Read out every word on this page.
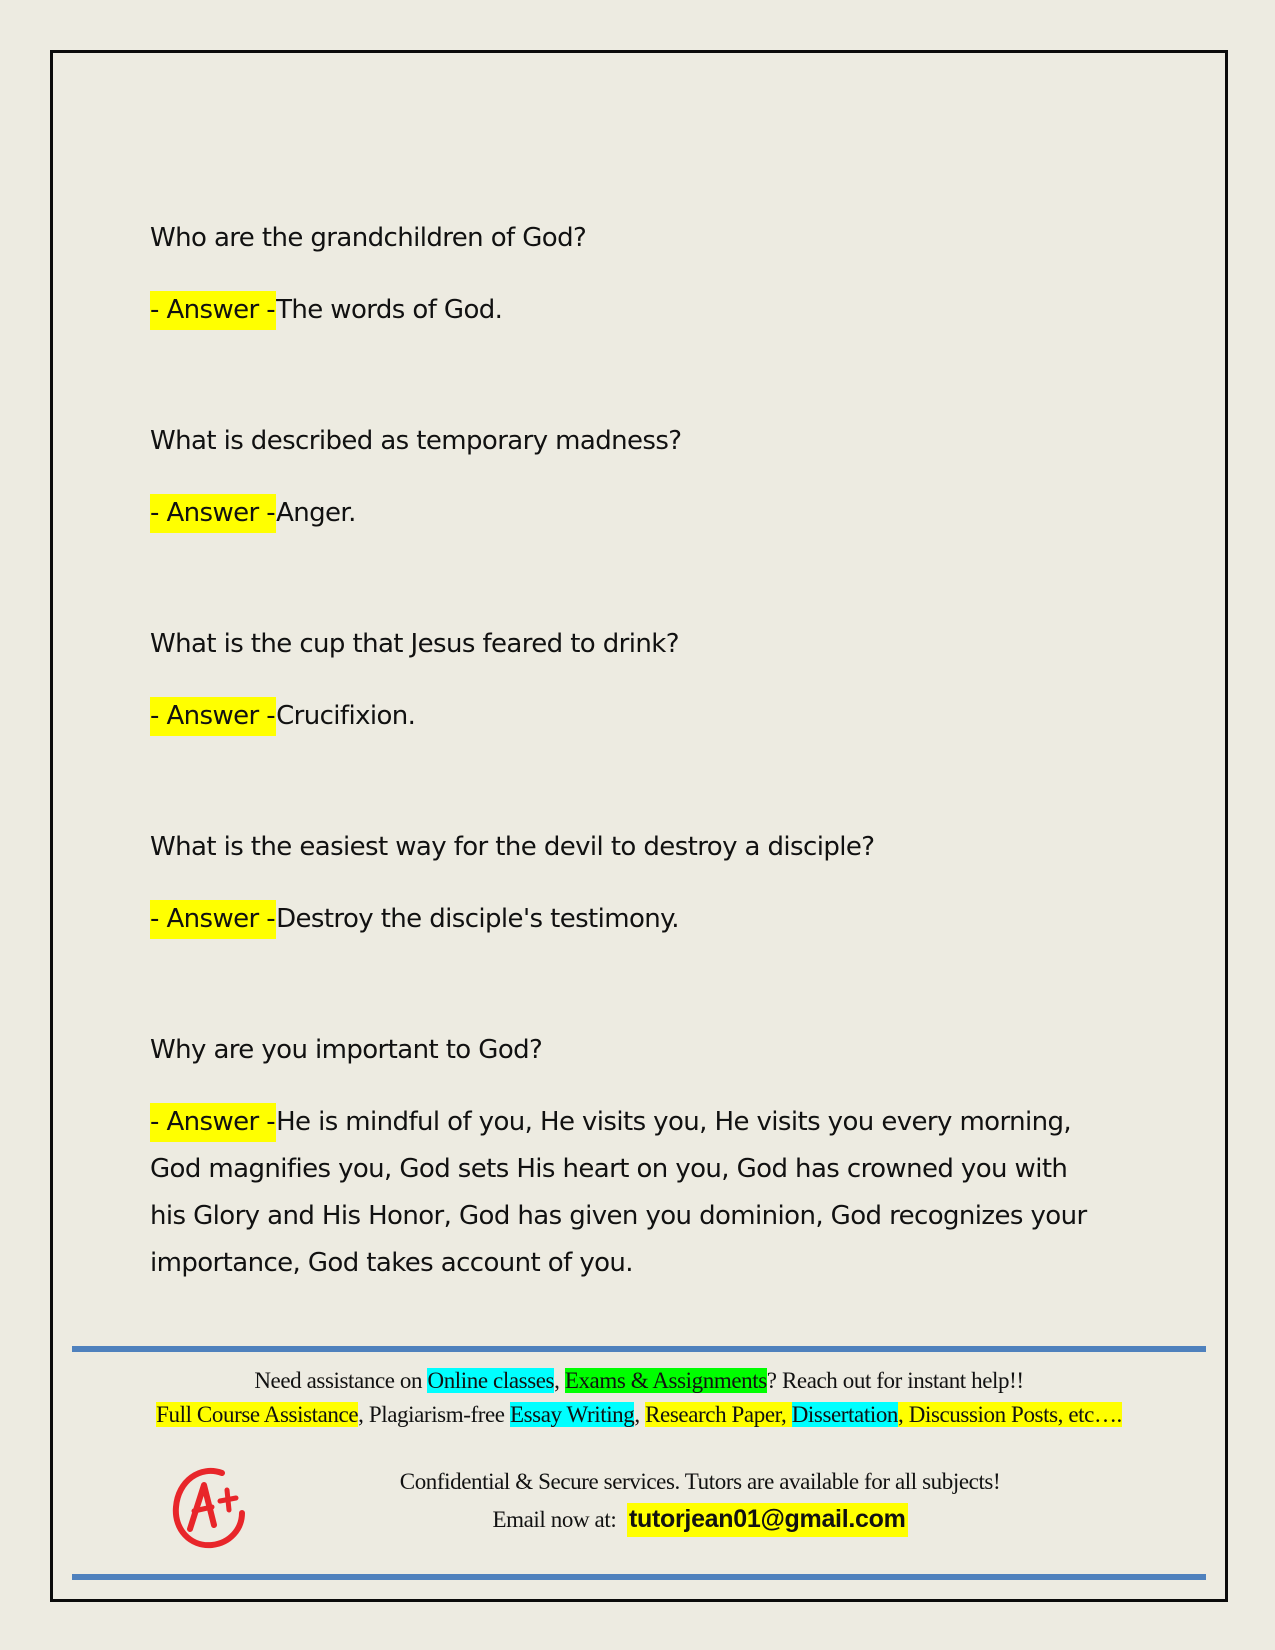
Who are the grandchildren of God?

- Answer -The words of God.

What is described as temporary madness?

- Answer -Anger.

What is the cup that Jesus feared to drink?

- Answer -Crucifixion.

What is the easiest way for the devil to destroy a disciple?

- Answer -Destroy the disciple's testimony.

Why are you important to God?

- Answer -He is mindful of you, He visits you, He visits you every morning, God magnifies you, God sets His heart on you, God has crowned you with his Glory and His Honor, God has given you dominion, God recognizes your importance, God takes account of you.

Need assistance on Online classes, Exams & Assignments? Reach out for instant help!!
Full Course Assistance, Plagiarism-free Essay Writing, Research Paper, Dissertation, Discussion Posts, etc….
Confidential & Secure services. Tutors are available for all subjects!
Email now at:  tutorjean01@gmail.com
